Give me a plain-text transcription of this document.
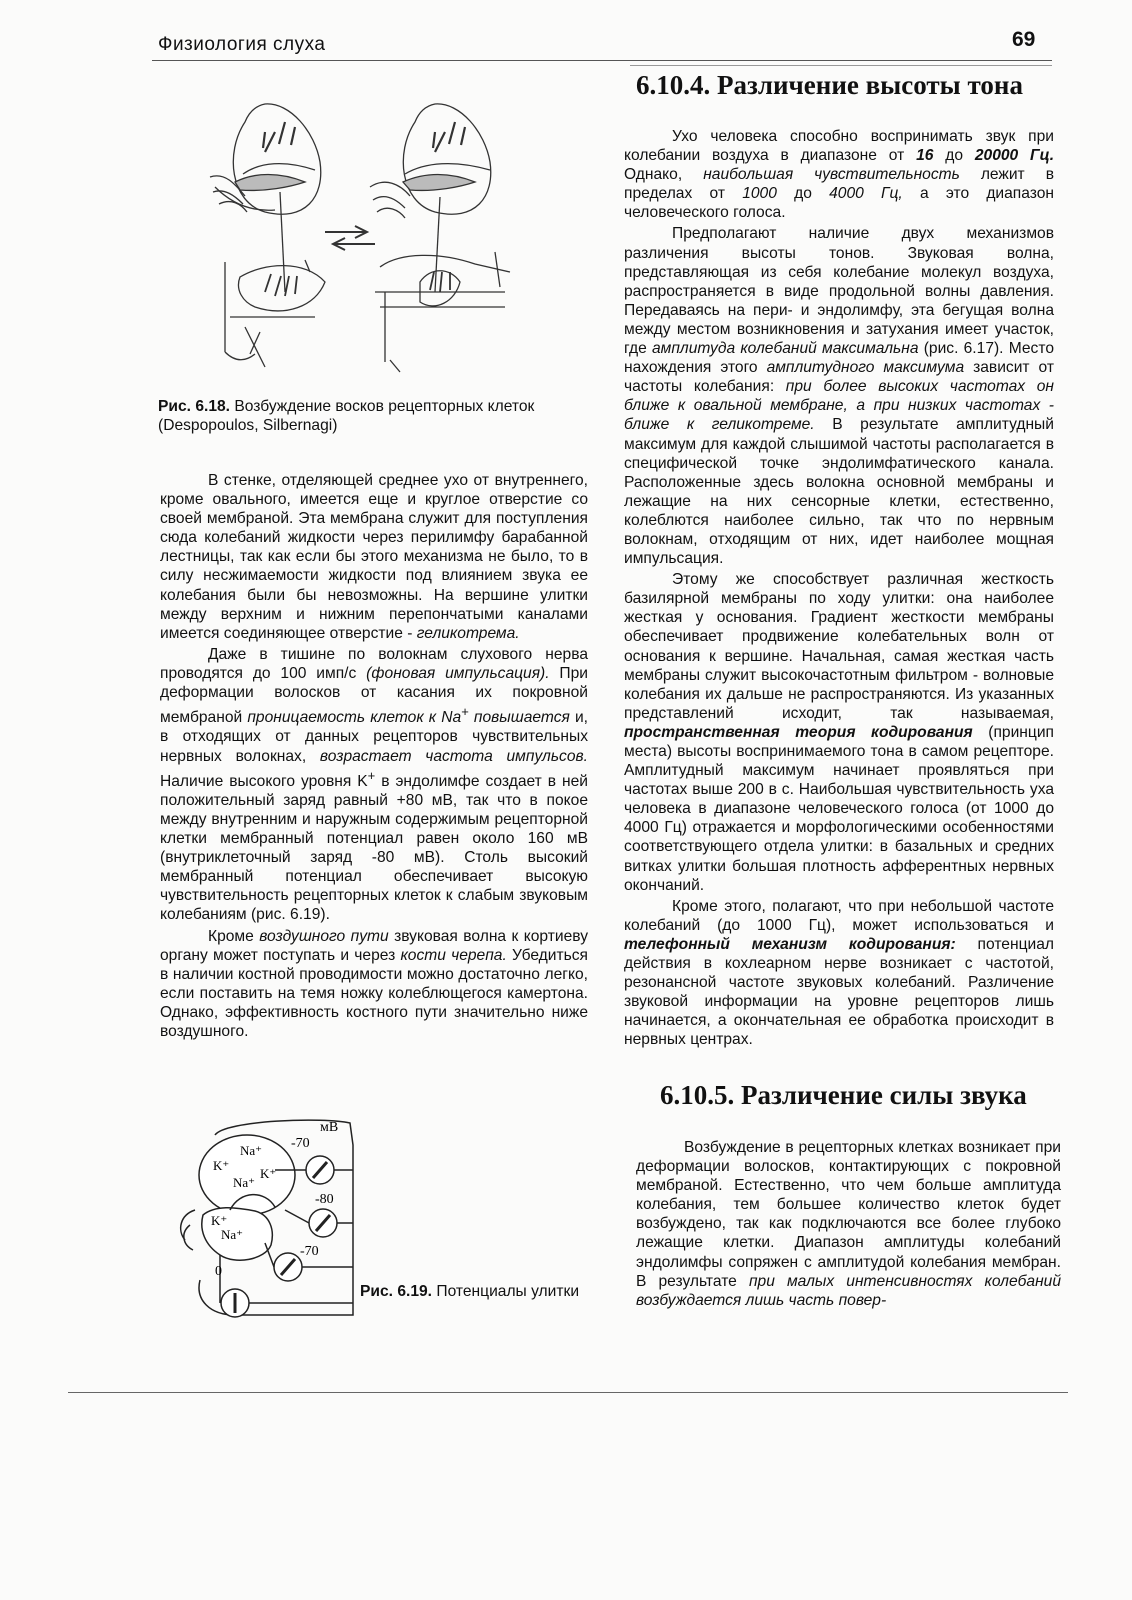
Физиология слуха	69
Рис. 6.18. Возбуждение восков рецепторных клеток (Despopoulos, Silbernagi)

В стенке, отделяющей среднее ухо от внутреннего, кроме овального, имеется еще и круглое отверстие со своей мембраной. Эта мембрана служит для поступления сюда колебаний жидкости через перилимфу барабанной лестницы, так как если бы этого механизма не было, то в силу несжимаемости жидкости под влиянием звука ее колебания были бы невозможны. На вершине улитки между верхним и нижним перепончатыми каналами имеется соединяющее отверстие - геликотрема.

Даже в тишине по волокнам слухового нерва проводятся до 100 имп/с (фоновая импульсация). При деформации волосков от касания их покровной мембраной проницаемость клеток к Na+ повышается и, в отходящих от данных рецепторов чувствительных нервных волокнах, возрастает частота импульсов. Наличие высокого уровня K+ в эндолимфе создает в ней положительный заряд равный +80 мВ, так что в покое между внутренним и наружным содержимым рецепторной клетки мембранный потенциал равен около 160 мВ (внутриклеточный заряд -80 мВ). Столь высокий мембранный потенциал обеспечивает высокую чувствительность рецепторных клеток к слабым звуковым колебаниям (рис. 6.19).

Кроме воздушного пути звуковая волна к кортиеву органу может поступать и через кости черепа. Убедиться в наличии костной проводимости можно достаточно легко, если поставить на темя ножку колеблющегося камертона. Однако, эффективность костного пути значительно ниже воздушного.

мВ
-70
-80
-70
0
Na⁺
K⁺
Na⁺
K⁺
K⁺
Na⁺
Рис. 6.19. Потенциалы улитки
6.10.4. Различение высоты тона

Ухо человека способно воспринимать звук при колебании воздуха в диапазоне от 16 до 20000 Гц. Однако, наибольшая чувствительность лежит в пределах от 1000 до 4000 Гц, а это диапазон человеческого голоса.

Предполагают наличие двух механизмов различения высоты тонов. Звуковая волна, представляющая из себя колебание молекул воздуха, распространяется в виде продольной волны давления. Передаваясь на пери- и эндолимфу, эта бегущая волна между местом возникновения и затухания имеет участок, где амплитуда колебаний максимальна (рис. 6.17). Место нахождения этого амплитудного максимума зависит от частоты колебания: при более высоких частотах он ближе к овальной мембране, а при низких частотах - ближе к геликотреме. В результате амплитудный максимум для каждой слышимой частоты располагается в специфической точке эндолимфатического канала. Расположенные здесь волокна основной мембраны и лежащие на них сенсорные клетки, естественно, колеблются наиболее сильно, так что по нервным волокнам, отходящим от них, идет наиболее мощная импульсация.

Этому же способствует различная жесткость базилярной мембраны по ходу улитки: она наиболее жесткая у основания. Градиент жесткости мембраны обеспечивает продвижение колебательных волн от основания к вершине. Начальная, самая жесткая часть мембраны служит высокочастотным фильтром - волновые колебания их дальше не распространяются. Из указанных представлений исходит, так называемая, пространственная теория кодирования (принцип места) высоты воспринимаемого тона в самом рецепторе. Амплитудный максимум начинает проявляться при частотах выше 200 в с. Наибольшая чувствительность уха человека в диапазоне человеческого голоса (от 1000 до 4000 Гц) отражается и морфологическими особенностями соответствующего отдела улитки: в базальных и средних витках улитки большая плотность афферентных нервных окончаний.

Кроме этого, полагают, что при небольшой частоте колебаний (до 1000 Гц), может использоваться и телефонный механизм кодирования: потенциал действия в кохлеарном нерве возникает с частотой, резонансной частоте звуковых колебаний. Различение звуковой информации на уровне рецепторов лишь начинается, а окончательная ее обработка происходит в нервных центрах.

6.10.5. Различение силы звука

Возбуждение в рецепторных клетках возникает при деформации волосков, контактирующих с покровной мембраной. Естественно, что чем больше амплитуда колебания, тем большее количество клеток будет возбуждено, так как подключаются все более глубоко лежащие клетки. Диапазон амплитуды колебаний эндолимфы сопряжен с амплитудой колебания мембран. В результате при малых интенсивностях колебаний возбуждается лишь часть повер-
